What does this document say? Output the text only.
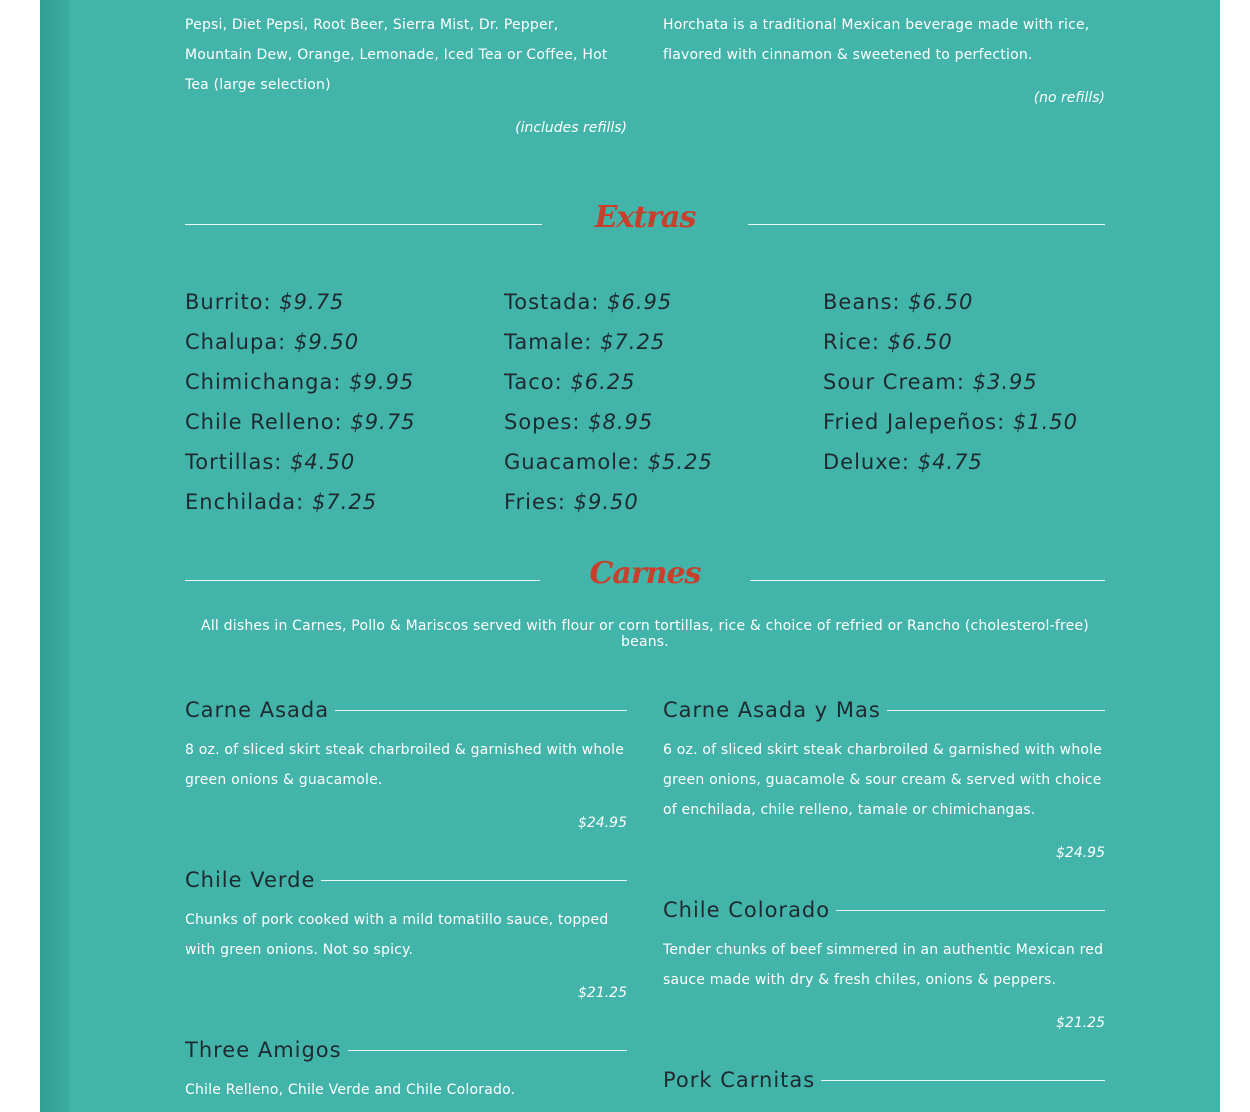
Pepsi, Diet Pepsi, Root Beer, Sierra Mist, Dr. Pepper, Mountain Dew, Orange, Lemonade, Iced Tea or Coffee, Hot Tea (large selection)

(includes refills)

Horchata is a traditional Mexican beverage made with rice, flavored with cinnamon & sweetened to perfection.

(no refills)

Extras
Burrito: $9.75
Chalupa: $9.50
Chimichanga: $9.95
Chile Relleno: $9.75
Tortillas: $4.50
Enchilada: $7.25
Tostada: $6.95
Tamale: $7.25
Taco: $6.25
Sopes: $8.95
Guacamole: $5.25
Fries: $9.50
Beans: $6.50
Rice: $6.50
Sour Cream: $3.95
Fried Jalepeños: $1.50
Deluxe: $4.75
Carnes
All dishes in Carnes, Pollo & Mariscos served with flour or corn tortillas, rice & choice of refried or Rancho (cholesterol-free) beans.
Carne Asada

8 oz. of sliced skirt steak charbroiled & garnished with whole green onions & guacamole.

$24.95
Carne Asada y Mas

6 oz. of sliced skirt steak charbroiled & garnished with whole green onions, guacamole & sour cream & served with choice of enchilada, chile relleno, tamale or chimichangas.

$24.95
Chile Verde

Chunks of pork cooked with a mild tomatillo sauce, topped with green onions. Not so spicy.

$21.25
Chile Colorado

Tender chunks of beef simmered in an authentic Mexican red sauce made with dry & fresh chiles, onions & peppers.

$21.25
Three Amigos

Chile Relleno, Chile Verde and Chile Colorado.	Pork Carnitas
